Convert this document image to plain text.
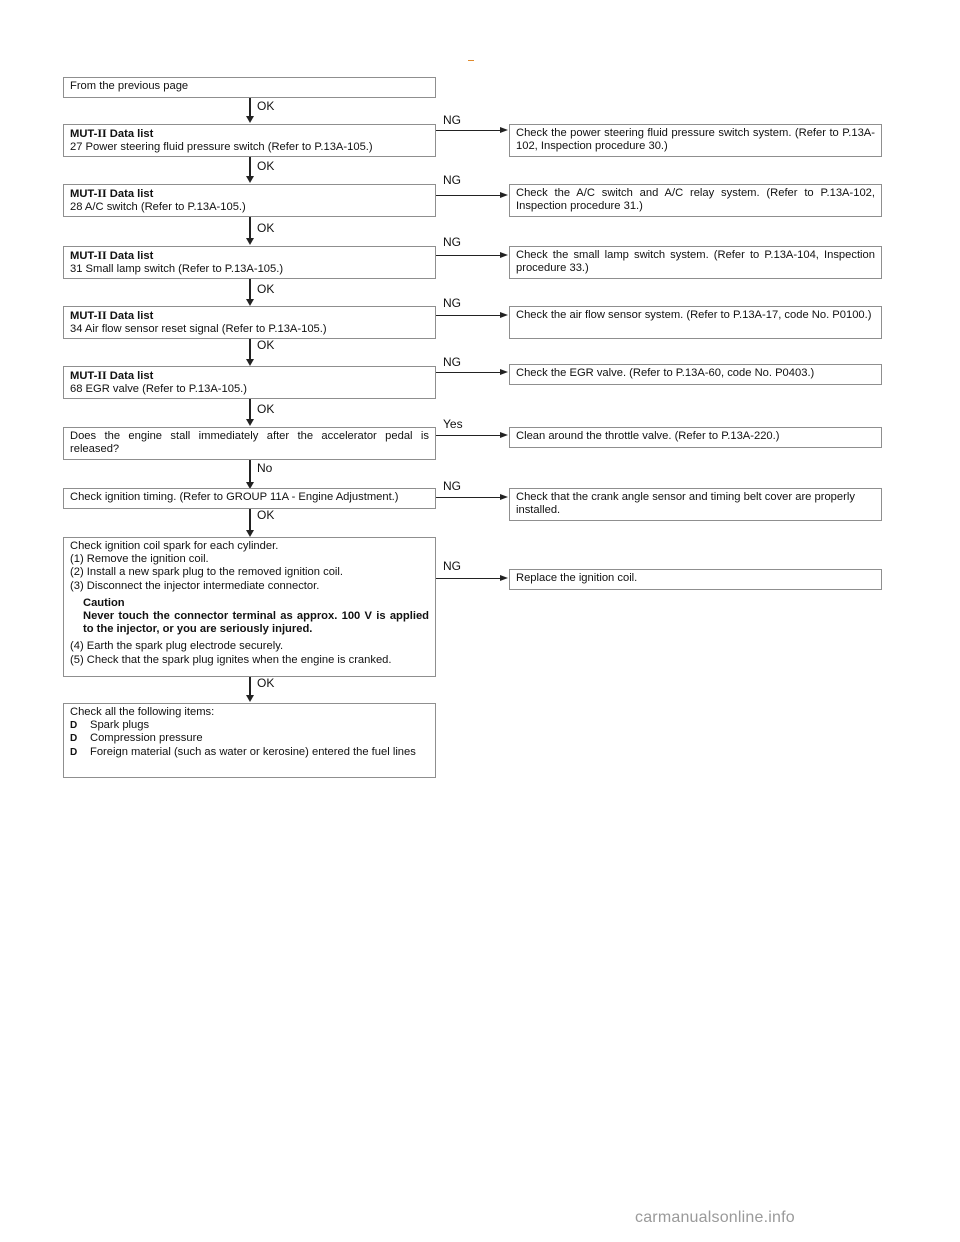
From the previous page
OK
MUT-II Data list
27 Power steering fluid pressure switch (Refer to P.13A-105.)
NG
Check the power steering fluid pressure switch system. (Refer to P.13A-102, Inspection procedure 30.)
OK
MUT-II Data list
28 A/C switch (Refer to P.13A-105.)
NG
Check the A/C switch and A/C relay system. (Refer to P.13A-102, Inspection procedure 31.)
OK
MUT-II Data list
31 Small lamp switch (Refer to P.13A-105.)
NG
Check the small lamp switch system. (Refer to P.13A-104, Inspection procedure 33.)
OK
MUT-II Data list
34 Air flow sensor reset signal (Refer to P.13A-105.)
NG
Check the air flow sensor system. (Refer to P.13A-17, code No. P0100.)
OK
MUT-II Data list
68 EGR valve (Refer to P.13A-105.)
NG
Check the EGR valve. (Refer to P.13A-60, code No. P0403.)
OK
Does the engine stall immediately after the accelerator pedal is released?
Yes
Clean around the throttle valve. (Refer to P.13A-220.)
No
Check ignition timing. (Refer to GROUP 11A - Engine Adjustment.)
NG
Check that the crank angle sensor and timing belt cover are properly installed.
OK
Check ignition coil spark for each cylinder.
(1) Remove the ignition coil.
(2) Install a new spark plug to the removed ignition coil.
(3) Disconnect the injector intermediate connector.
Caution
Never touch the connector terminal as approx. 100 V is applied to the injector, or you are seriously injured.
(4) Earth the spark plug electrode securely.
(5) Check that the spark plug ignites when the engine is cranked.
NG
Replace the ignition coil.
OK
Check all the following items:
D	Spark plugs
D	Compression pressure
D	Foreign material (such as water or kerosine) entered the fuel lines
carmanualsonline.info
